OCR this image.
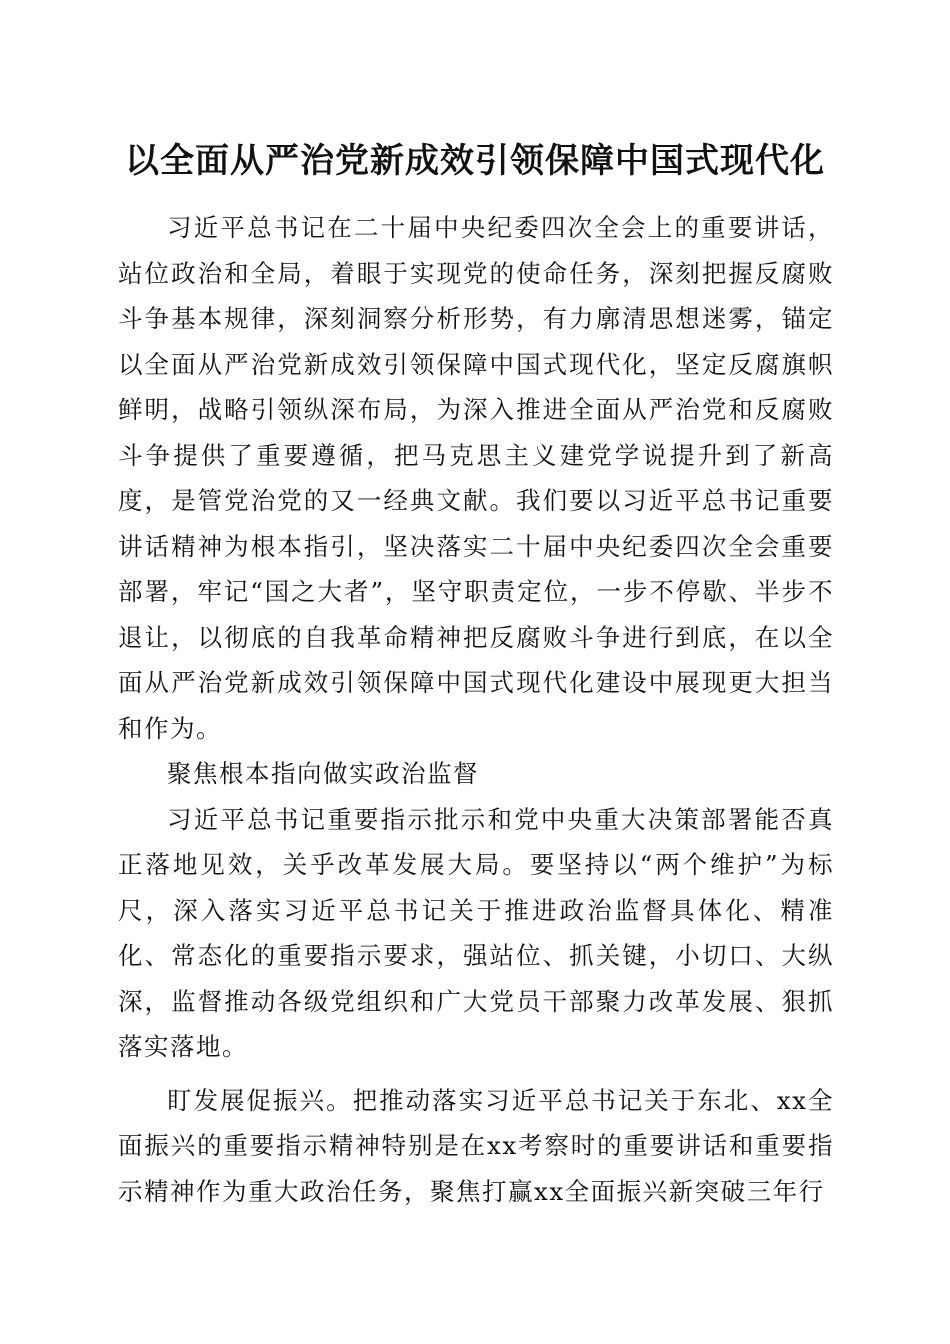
以全面从严治党新成效引领保障中国式现代化

习近平总书记在二十届中央纪委四次全会上的重要讲话，站位政治和全局，着眼于实现党的使命任务，深刻把握反腐败斗争基本规律，深刻洞察分析形势，有力廓清思想迷雾，锚定以全面从严治党新成效引领保障中国式现代化，坚定反腐旗帜鲜明，战略引领纵深布局，为深入推进全面从严治党和反腐败斗争提供了重要遵循，把马克思主义建党学说提升到了新高度，是管党治党的又一经典文献。我们要以习近平总书记重要讲话精神为根本指引，坚决落实二十届中央纪委四次全会重要部署，牢记“国之大者”，坚守职责定位，一步不停歇、半步不退让，以彻底的自我革命精神把反腐败斗争进行到底，在以全面从严治党新成效引领保障中国式现代化建设中展现更大担当和作为。

聚焦根本指向做实政治监督

习近平总书记重要指示批示和党中央重大决策部署能否真正落地见效，关乎改革发展大局。要坚持以“两个维护”为标尺，深入落实习近平总书记关于推进政治监督具体化、精准化、常态化的重要指示要求，强站位、抓关键，小切口、大纵深，监督推动各级党组织和广大党员干部聚力改革发展、狠抓落实落地。

盯发展促振兴。把推动落实习近平总书记关于东北、xx全面振兴的重要指示精神特别是在xx考察时的重要讲话和重要指示精神作为重大政治任务，聚焦打赢xx全面振兴新突破三年行
